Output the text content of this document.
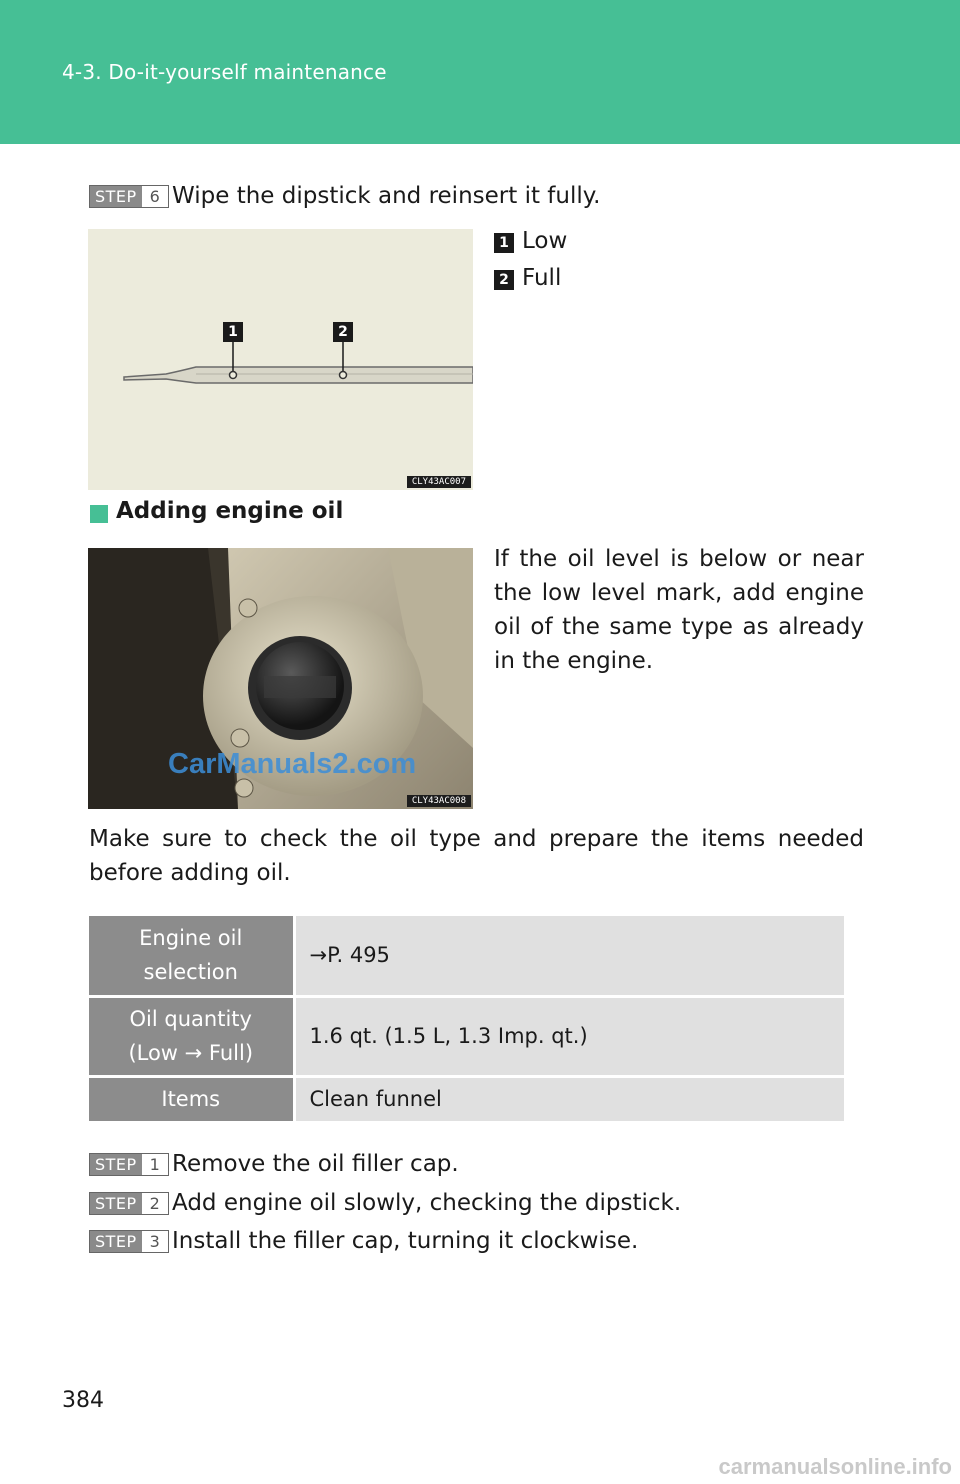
4-3. Do-it-yourself maintenance
STEP 6 Wipe the dipstick and reinsert it fully.
1	2
CLY43AC007
1 Low
2 Full
Adding engine oil
CLY43AC008
CarManuals2.com
If the oil level is below or near the low level mark, add engine oil of the same type as already in the engine.
Make sure to check the oil type and prepare the items needed before adding oil.
Engine oil
selection	→P. 495

Oil quantity
(Low → Full)	1.6 qt. (1.5 L, 1.3 Imp. qt.)

Items	Clean funnel
STEP 1 Remove the oil filler cap.
STEP 2 Add engine oil slowly, checking the dipstick.
STEP 3 Install the filler cap, turning it clockwise.
384
carmanualsonline.info
